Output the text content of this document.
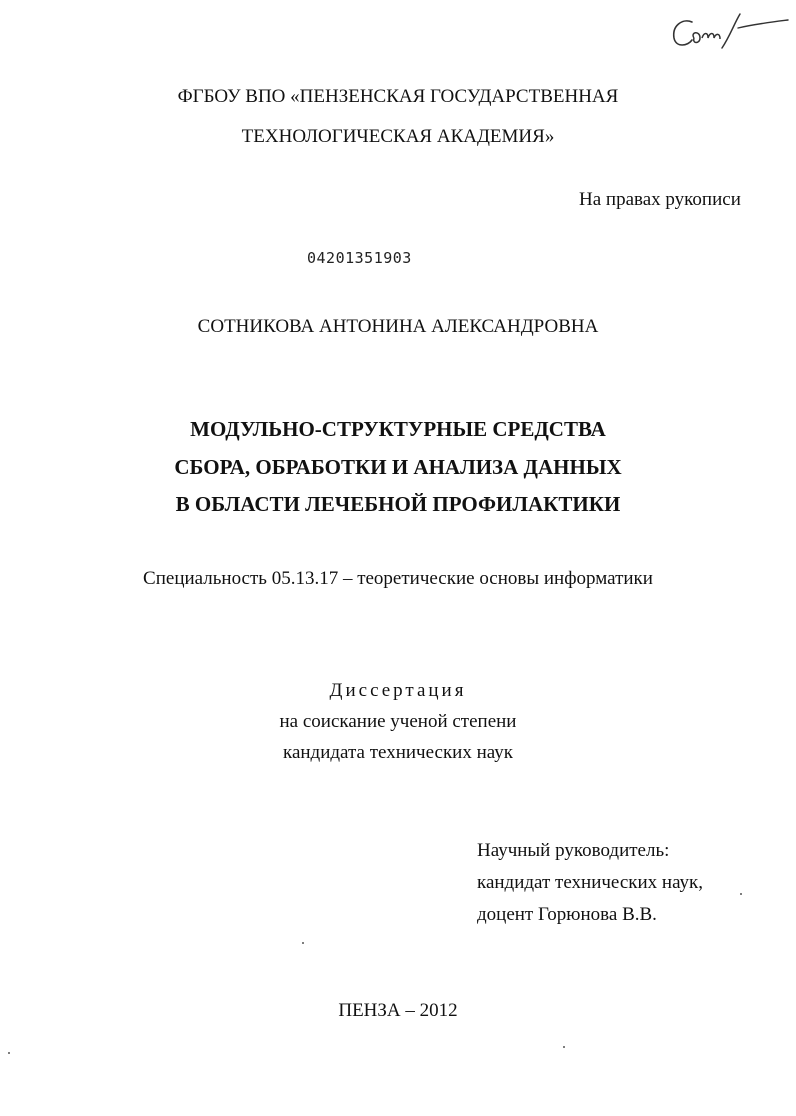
ФГБОУ ВПО «ПЕНЗЕНСКАЯ ГОСУДАРСТВЕННАЯ
ТЕХНОЛОГИЧЕСКАЯ АКАДЕМИЯ»
На правах рукописи
04201351903
СОТНИКОВА АНТОНИНА АЛЕКСАНДРОВНА
МОДУЛЬНО-СТРУКТУРНЫЕ СРЕДСТВА
СБОРА, ОБРАБОТКИ И АНАЛИЗА ДАННЫХ
В ОБЛАСТИ ЛЕЧЕБНОЙ ПРОФИЛАКТИКИ
Специальность 05.13.17 – теоретические основы информатики
Диссертация
на соискание ученой степени
кандидата технических наук
Научный руководитель:
кандидат технических наук,
доцент Горюнова В.В.
ПЕНЗА – 2012
